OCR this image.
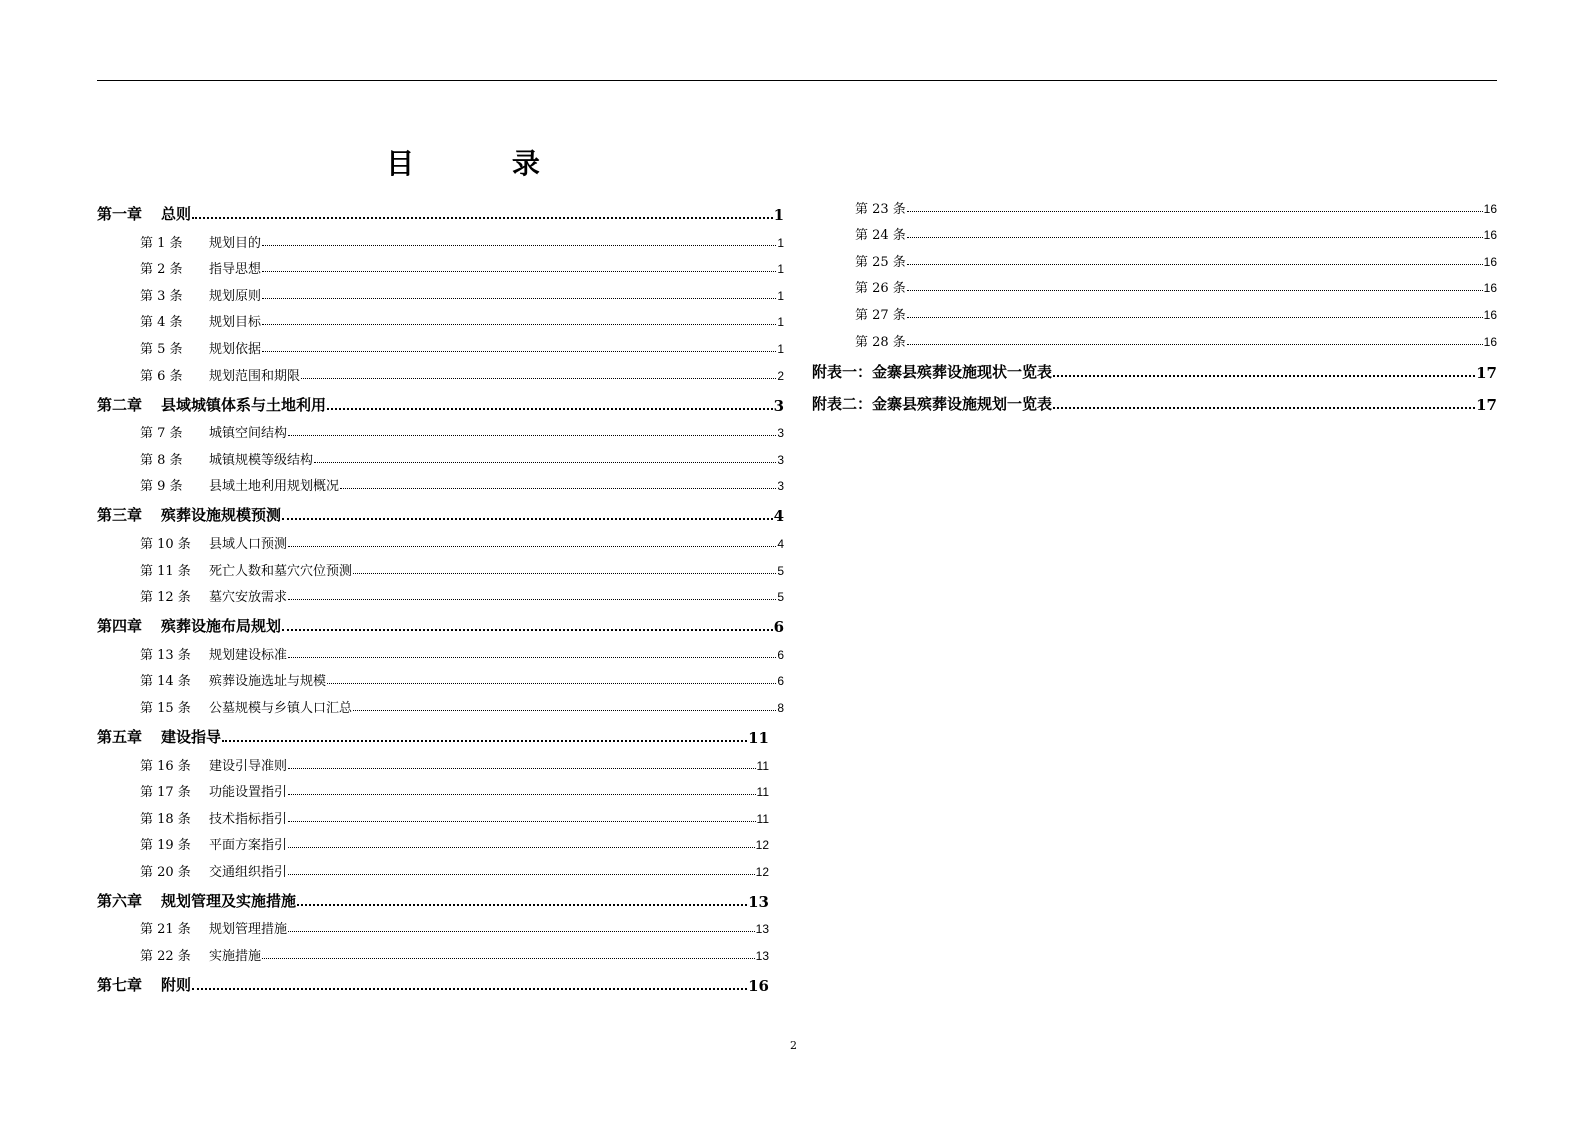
目 录
第一章	总则	1
第 1 条	规划目的	1
第 2 条	指导思想	1
第 3 条	规划原则	1
第 4 条	规划目标	1
第 5 条	规划依据	1
第 6 条	规划范围和期限	2
第二章	县域城镇体系与土地利用	3
第 7 条	城镇空间结构	3
第 8 条	城镇规模等级结构	3
第 9 条	县域土地利用规划概况	3
第三章	殡葬设施规模预测	4
第 10 条	县域人口预测	4
第 11 条	死亡人数和墓穴穴位预测	5
第 12 条	墓穴安放需求	5
第四章	殡葬设施布局规划	6
第 13 条	规划建设标准	6
第 14 条	殡葬设施选址与规模	6
第 15 条	公墓规模与乡镇人口汇总	8
第五章	建设指导	11
第 16 条	建设引导准则	11
第 17 条	功能设置指引	11
第 18 条	技术指标指引	11
第 19 条	平面方案指引	12
第 20 条	交通组织指引	12
第六章	规划管理及实施措施	13
第 21 条	规划管理措施	13
第 22 条	实施措施	13
第七章	附则	16
第 23 条	16
第 24 条	16
第 25 条	16
第 26 条	16
第 27 条	16
第 28 条	16
附表一：金寨县殡葬设施现状一览表	17
附表二：金寨县殡葬设施规划一览表	17
2
